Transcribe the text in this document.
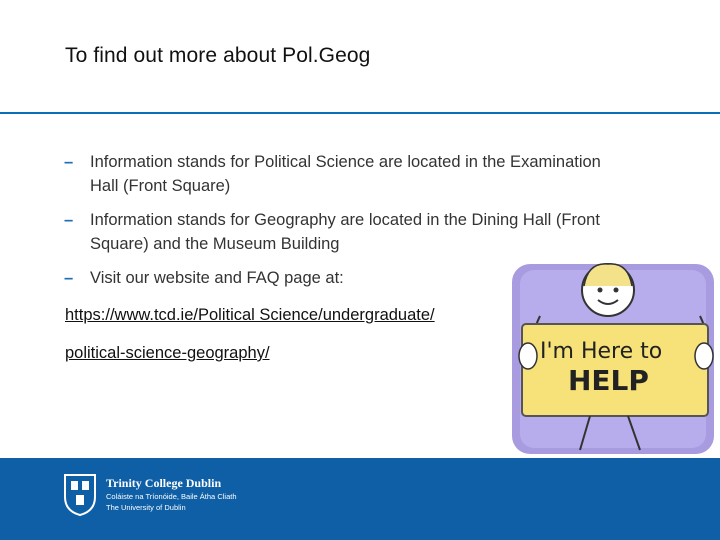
To find out more about Pol.Geog
– Information stands for Political Science are located in the Examination Hall (Front Square)
– Information stands for Geography are located in the Dining Hall (Front Square) and the Museum Building
– Visit our website and FAQ page at:
https://www.tcd.ie/Political Science/undergraduate/
political-science-geography/	I'm Here to
HELP
Trinity College Dublin
Coláiste na Tríonóide, Baile Átha Cliath
The University of Dublin
